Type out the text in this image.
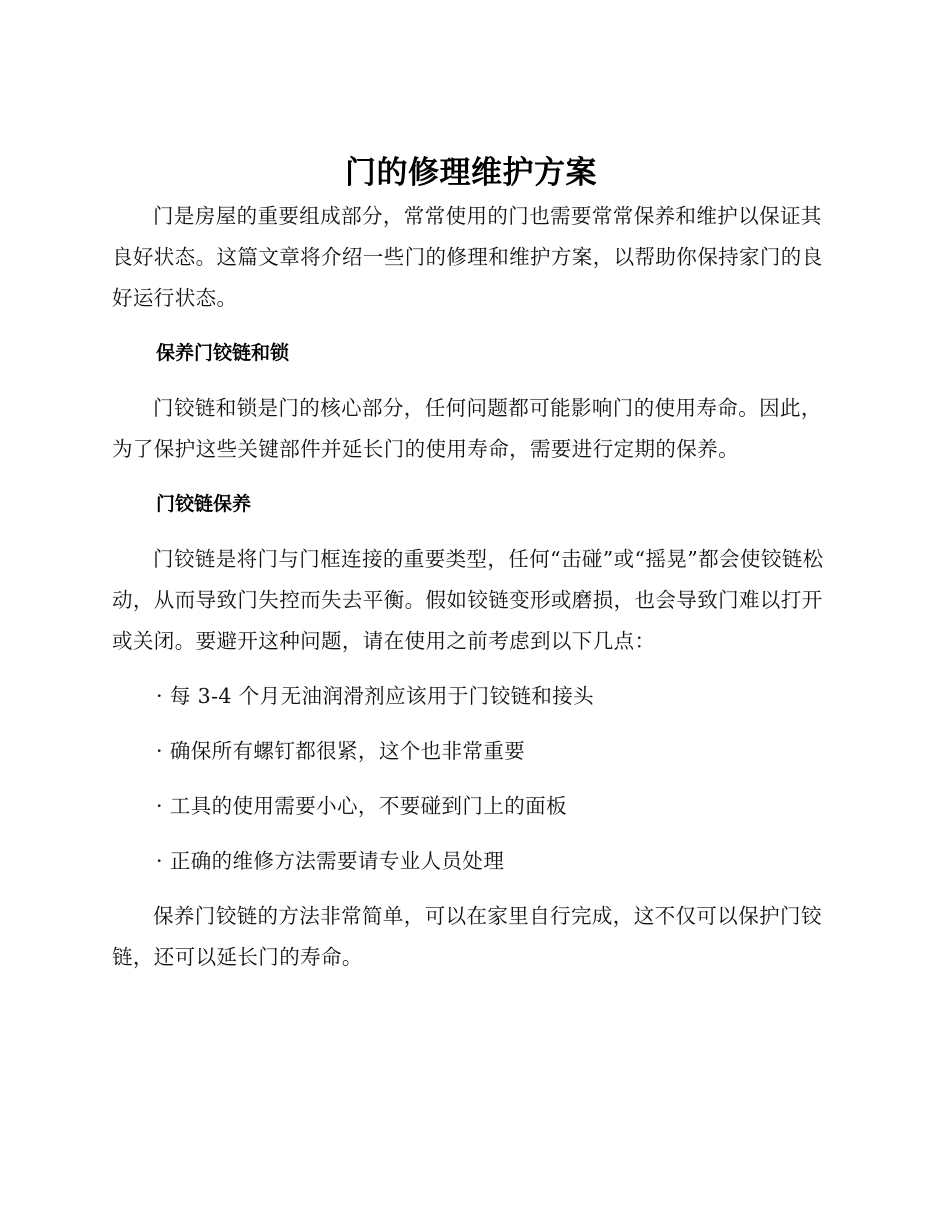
门的修理维护方案

门是房屋的重要组成部分，常常使用的门也需要常常保养和维护以保证其良好状态。这篇文章将介绍一些门的修理和维护方案，以帮助你保持家门的良好运行状态。

保养门铰链和锁

门铰链和锁是门的核心部分，任何问题都可能影响门的使用寿命。因此，为了保护这些关键部件并延长门的使用寿命，需要进行定期的保养。

门铰链保养

门铰链是将门与门框连接的重要类型，任何“击碰”或“摇晃”都会使铰链松动，从而导致门失控而失去平衡。假如铰链变形或磨损，也会导致门难以打开或关闭。要避开这种问题，请在使用之前考虑到以下几点：

· 每 3-4 个月无油润滑剂应该用于门铰链和接头

· 确保所有螺钉都很紧，这个也非常重要

· 工具的使用需要小心，不要碰到门上的面板

· 正确的维修方法需要请专业人员处理

保养门铰链的方法非常简单，可以在家里自行完成，这不仅可以保护门铰链，还可以延长门的寿命。
